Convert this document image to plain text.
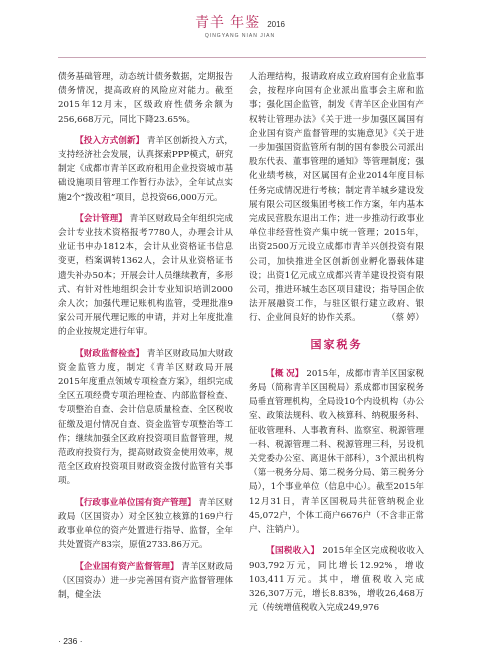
青羊 年鉴 2016
QINGYANG NIAN JIAN

债务基础管理，动态统计债务数据，定期报告债务情况，提高政府的风险应对能力。截至2015年12月末，区级政府性债务余额为256,668万元，同比下降23.65%。

【投入方式创新】 青羊区创新投入方式，支持经济社会发展，认真探索PPP模式，研究制定《成都市青羊区政府租用企业投资城市基础设施项目管理工作暂行办法》，全年试点实施2个“拨改租”项目，总投资66,000万元。

【会计管理】 青羊区财政局全年组织完成会计专业技术资格报考7780人，办理会计从业证书申办1812本，会计从业资格证书信息变更，档案调转1362人，会计从业资格证书遗失补办50本；开展会计人员继续教育，多形式、有针对性地组织会计专业知识培训2000余人次；加强代理记账机构监管，受理批准9家公司开展代理记账的申请，并对上年度批准的企业按规定进行年审。

【财政监督检查】 青羊区财政局加大财政资金监管力度，制定《青羊区财政局开展2015年度重点领域专项检查方案》，组织完成全区五项经费专项治理检查、内部监督检查、专项整治自查、会计信息质量检查、全区税收征缴及退付情况自查、资金监管专项整治等工作；继续加强全区政府投资项目监督管理，规范政府投资行为，提高财政资金使用效率，规范全区政府投资项目财政资金拨付监管有关事项。

【行政事业单位国有资产管理】 青羊区财政局（区国资办）对全区独立核算的169户行政事业单位的资产处置进行指导、监督，全年共处置资产83宗，原值2733.86万元。

【企业国有资产监督管理】 青羊区财政局（区国资办）进一步完善国有资产监督管理体制，健全法

人治理结构，报请政府成立政府国有企业监事会，按程序向国有企业派出监事会主席和监事；强化国企监管，制发《青羊区企业国有产权转让管理办法》《关于进一步加强区属国有企业国有资产监督管理的实施意见》《关于进一步加强国资监管所有制的国有参股公司派出股东代表、董事管理的通知》等管理制度；强化业绩考核，对区属国有企业2014年度目标任务完成情况进行考核；制定青羊城乡建设发展有限公司区级集团考核工作方案，年内基本完成民营股东退出工作；进一步推动行政事业单位非经营性资产集中统一管理；2015年，出资2500万元设立成都市青羊兴创投资有限公司，加快推进全区创新创业孵化器载体建设；出资1亿元成立成都兴青羊建设投资有限公司，推进环城生态区项目建设；指导国企依法开展融资工作，与驻区银行建立政府、银行、企业间良好的协作关系。	（蔡 婷）

国家税务

【概 况】 2015年，成都市青羊区国家税务局（简称青羊区国税局）系成都市国家税务局垂直管理机构，全局设10个内设机构（办公室、政策法规科、收入核算科、纳税服务科、征收管理科、人事教育科、监察室、税源管理一科、税源管理二科、税源管理三科，另设机关党委办公室、离退休干部科），3个派出机构（第一税务分局、第二税务分局、第三税务分局），1个事业单位（信息中心）。截至2015年12月31日，青羊区国税局共征管纳税企业45,072户，个体工商户6676户（不含非正常户、注销户）。

【国税收入】 2015年全区完成税收收入903,792万元，同比增长12.92%，增收103,411万元。其中，增值税收入完成326,307万元，增长8.83%，增收26,468万元（传统增值税收入完成249,976

· 236 ·
